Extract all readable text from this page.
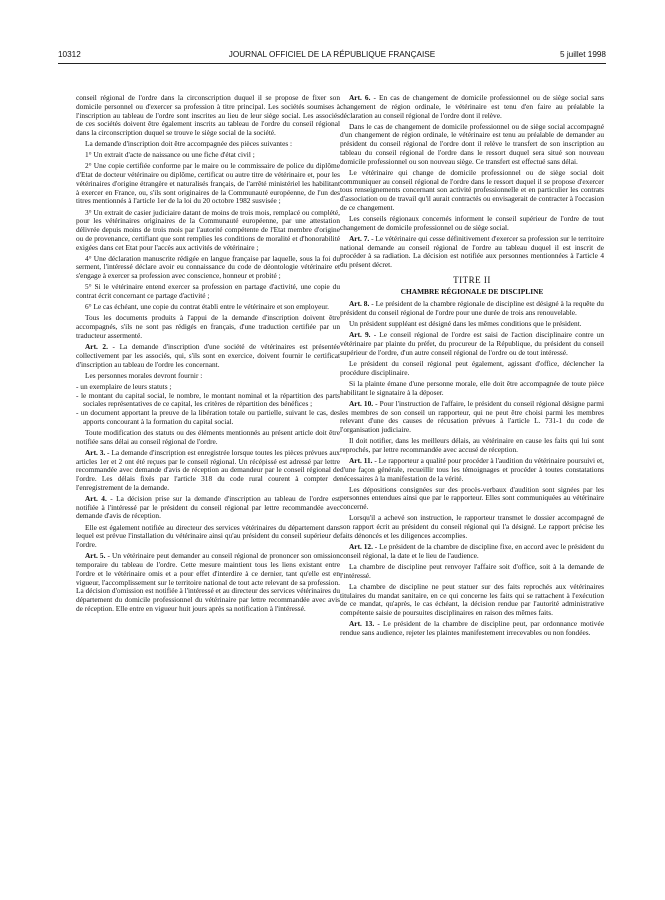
10312	JOURNAL OFFICIEL DE LA RÉPUBLIQUE FRANÇAISE	5 juillet 1998

conseil régional de l'ordre dans la circonscription duquel il se propose de fixer son domicile personnel ou d'exercer sa profession à titre principal. Les sociétés soumises à l'inscription au tableau de l'ordre sont inscrites au lieu de leur siège social. Les associés de ces sociétés doivent être également inscrits au tableau de l'ordre du conseil régional dans la circonscription duquel se trouve le siège social de la société.

La demande d'inscription doit être accompagnée des pièces suivantes :

1° Un extrait d'acte de naissance ou une fiche d'état civil ;

2° Une copie certifiée conforme par le maire ou le commissaire de police du diplôme d'Etat de docteur vétérinaire ou diplôme, certificat ou autre titre de vétérinaire et, pour les vétérinaires d'origine étrangère et naturalisés français, de l'arrêté ministériel les habilitant à exercer en France, ou, s'ils sont originaires de la Communauté européenne, de l'un des titres mentionnés à l'article 1er de la loi du 20 octobre 1982 susvisée ;

3° Un extrait de casier judiciaire datant de moins de trois mois, remplacé ou complété, pour les vétérinaires originaires de la Communauté européenne, par une attestation délivrée depuis moins de trois mois par l'autorité compétente de l'Etat membre d'origine ou de provenance, certifiant que sont remplies les conditions de moralité et d'honorabilité exigées dans cet Etat pour l'accès aux activités de vétérinaire ;

4° Une déclaration manuscrite rédigée en langue française par laquelle, sous la foi du serment, l'intéressé déclare avoir eu connaissance du code de déontologie vétérinaire et s'engage à exercer sa profession avec conscience, honneur et probité ;

5° Si le vétérinaire entend exercer sa profession en partage d'activité, une copie du contrat écrit concernant ce partage d'activité ;

6° Le cas échéant, une copie du contrat établi entre le vétérinaire et son employeur.

Tous les documents produits à l'appui de la demande d'inscription doivent être accompagnés, s'ils ne sont pas rédigés en français, d'une traduction certifiée par un traducteur assermenté.

Art. 2. - La demande d'inscription d'une société de vétérinaires est présentée collectivement par les associés, qui, s'ils sont en exercice, doivent fournir le certificat d'inscription au tableau de l'ordre les concernant.

Les personnes morales devront fournir :

- un exemplaire de leurs statuts ;
- le montant du capital social, le nombre, le montant nominal et la répartition des parts sociales représentatives de ce capital, les critères de répartition des bénéfices ;
- un document apportant la preuve de la libération totale ou partielle, suivant le cas, des apports concourant à la formation du capital social.

Toute modification des statuts ou des éléments mentionnés au présent article doit être notifiée sans délai au conseil régional de l'ordre.

Art. 3. - La demande d'inscription est enregistrée lorsque toutes les pièces prévues aux articles 1er et 2 ont été reçues par le conseil régional. Un récépissé est adressé par lettre recommandée avec demande d'avis de réception au demandeur par le conseil régional de l'ordre. Les délais fixés par l'article 318 du code rural courent à compter de l'enregistrement de la demande.

Art. 4. - La décision prise sur la demande d'inscription au tableau de l'ordre est notifiée à l'intéressé par le président du conseil régional par lettre recommandée avec demande d'avis de réception.

Elle est également notifiée au directeur des services vétérinaires du département dans lequel est prévue l'installation du vétérinaire ainsi qu'au président du conseil supérieur de l'ordre.

Art. 5. - Un vétérinaire peut demander au conseil régional de prononcer son omission temporaire du tableau de l'ordre. Cette mesure maintient tous les liens existant entre l'ordre et le vétérinaire omis et a pour effet d'interdire à ce dernier, tant qu'elle est en vigueur, l'accomplissement sur le territoire national de tout acte relevant de sa profession. La décision d'omission est notifiée à l'intéressé et au directeur des services vétérinaires du département du domicile professionnel du vétérinaire par lettre recommandée avec avis de réception. Elle entre en vigueur huit jours après sa notification à l'intéressé.

Art. 6. - En cas de changement de domicile professionnel ou de siège social sans changement de région ordinale, le vétérinaire est tenu d'en faire au préalable la déclaration au conseil régional de l'ordre dont il relève.

Dans le cas de changement de domicile professionnel ou de siège social accompagné d'un changement de région ordinale, le vétérinaire est tenu au préalable de demander au président du conseil régional de l'ordre dont il relève le transfert de son inscription au tableau du conseil régional de l'ordre dans le ressort duquel sera situé son nouveau domicile professionnel ou son nouveau siège. Ce transfert est effectué sans délai.

Le vétérinaire qui change de domicile professionnel ou de siège social doit communiquer au conseil régional de l'ordre dans le ressort duquel il se propose d'exercer tous renseignements concernant son activité professionnelle et en particulier les contrats d'association ou de travail qu'il aurait contractés ou envisagerait de contracter à l'occasion de ce changement.

Les conseils régionaux concernés informent le conseil supérieur de l'ordre de tout changement de domicile professionnel ou de siège social.

Art. 7. - Le vétérinaire qui cesse définitivement d'exercer sa profession sur le territoire national demande au conseil régional de l'ordre au tableau duquel il est inscrit de procéder à sa radiation. La décision est notifiée aux personnes mentionnées à l'article 4 du présent décret.

TITRE II
CHAMBRE RÉGIONALE DE DISCIPLINE

Art. 8. - Le président de la chambre régionale de discipline est désigné à la requête du président du conseil régional de l'ordre pour une durée de trois ans renouvelable.

Un président suppléant est désigné dans les mêmes conditions que le président.

Art. 9. - Le conseil régional de l'ordre est saisi de l'action disciplinaire contre un vétérinaire par plainte du préfet, du procureur de la République, du président du conseil supérieur de l'ordre, d'un autre conseil régional de l'ordre ou de tout intéressé.

Le président du conseil régional peut également, agissant d'office, déclencher la procédure disciplinaire.

Si la plainte émane d'une personne morale, elle doit être accompagnée de toute pièce habilitant le signataire à la déposer.

Art. 10. - Pour l'instruction de l'affaire, le président du conseil régional désigne parmi les membres de son conseil un rapporteur, qui ne peut être choisi parmi les membres relevant d'une des causes de récusation prévues à l'article L. 731-1 du code de l'organisation judiciaire.

Il doit notifier, dans les meilleurs délais, au vétérinaire en cause les faits qui lui sont reprochés, par lettre recommandée avec accusé de réception.

Art. 11. - Le rapporteur a qualité pour procéder à l'audition du vétérinaire poursuivi et, d'une façon générale, recueillir tous les témoignages et procéder à toutes constatations nécessaires à la manifestation de la vérité.

Les dépositions consignées sur des procès-verbaux d'audition sont signées par les personnes entendues ainsi que par le rapporteur. Elles sont communiquées au vétérinaire concerné.

Lorsqu'il a achevé son instruction, le rapporteur transmet le dossier accompagné de son rapport écrit au président du conseil régional qui l'a désigné. Le rapport précise les faits dénoncés et les diligences accomplies.

Art. 12. - Le président de la chambre de discipline fixe, en accord avec le président du conseil régional, la date et le lieu de l'audience.

La chambre de discipline peut renvoyer l'affaire soit d'office, soit à la demande de l'intéressé.

La chambre de discipline ne peut statuer sur des faits reprochés aux vétérinaires titulaires du mandat sanitaire, en ce qui concerne les faits qui se rattachent à l'exécution de ce mandat, qu'après, le cas échéant, la décision rendue par l'autorité administrative compétente saisie de poursuites disciplinaires en raison des mêmes faits.

Art. 13. - Le président de la chambre de discipline peut, par ordonnance motivée rendue sans audience, rejeter les plaintes manifestement irrecevables ou non fondées.
